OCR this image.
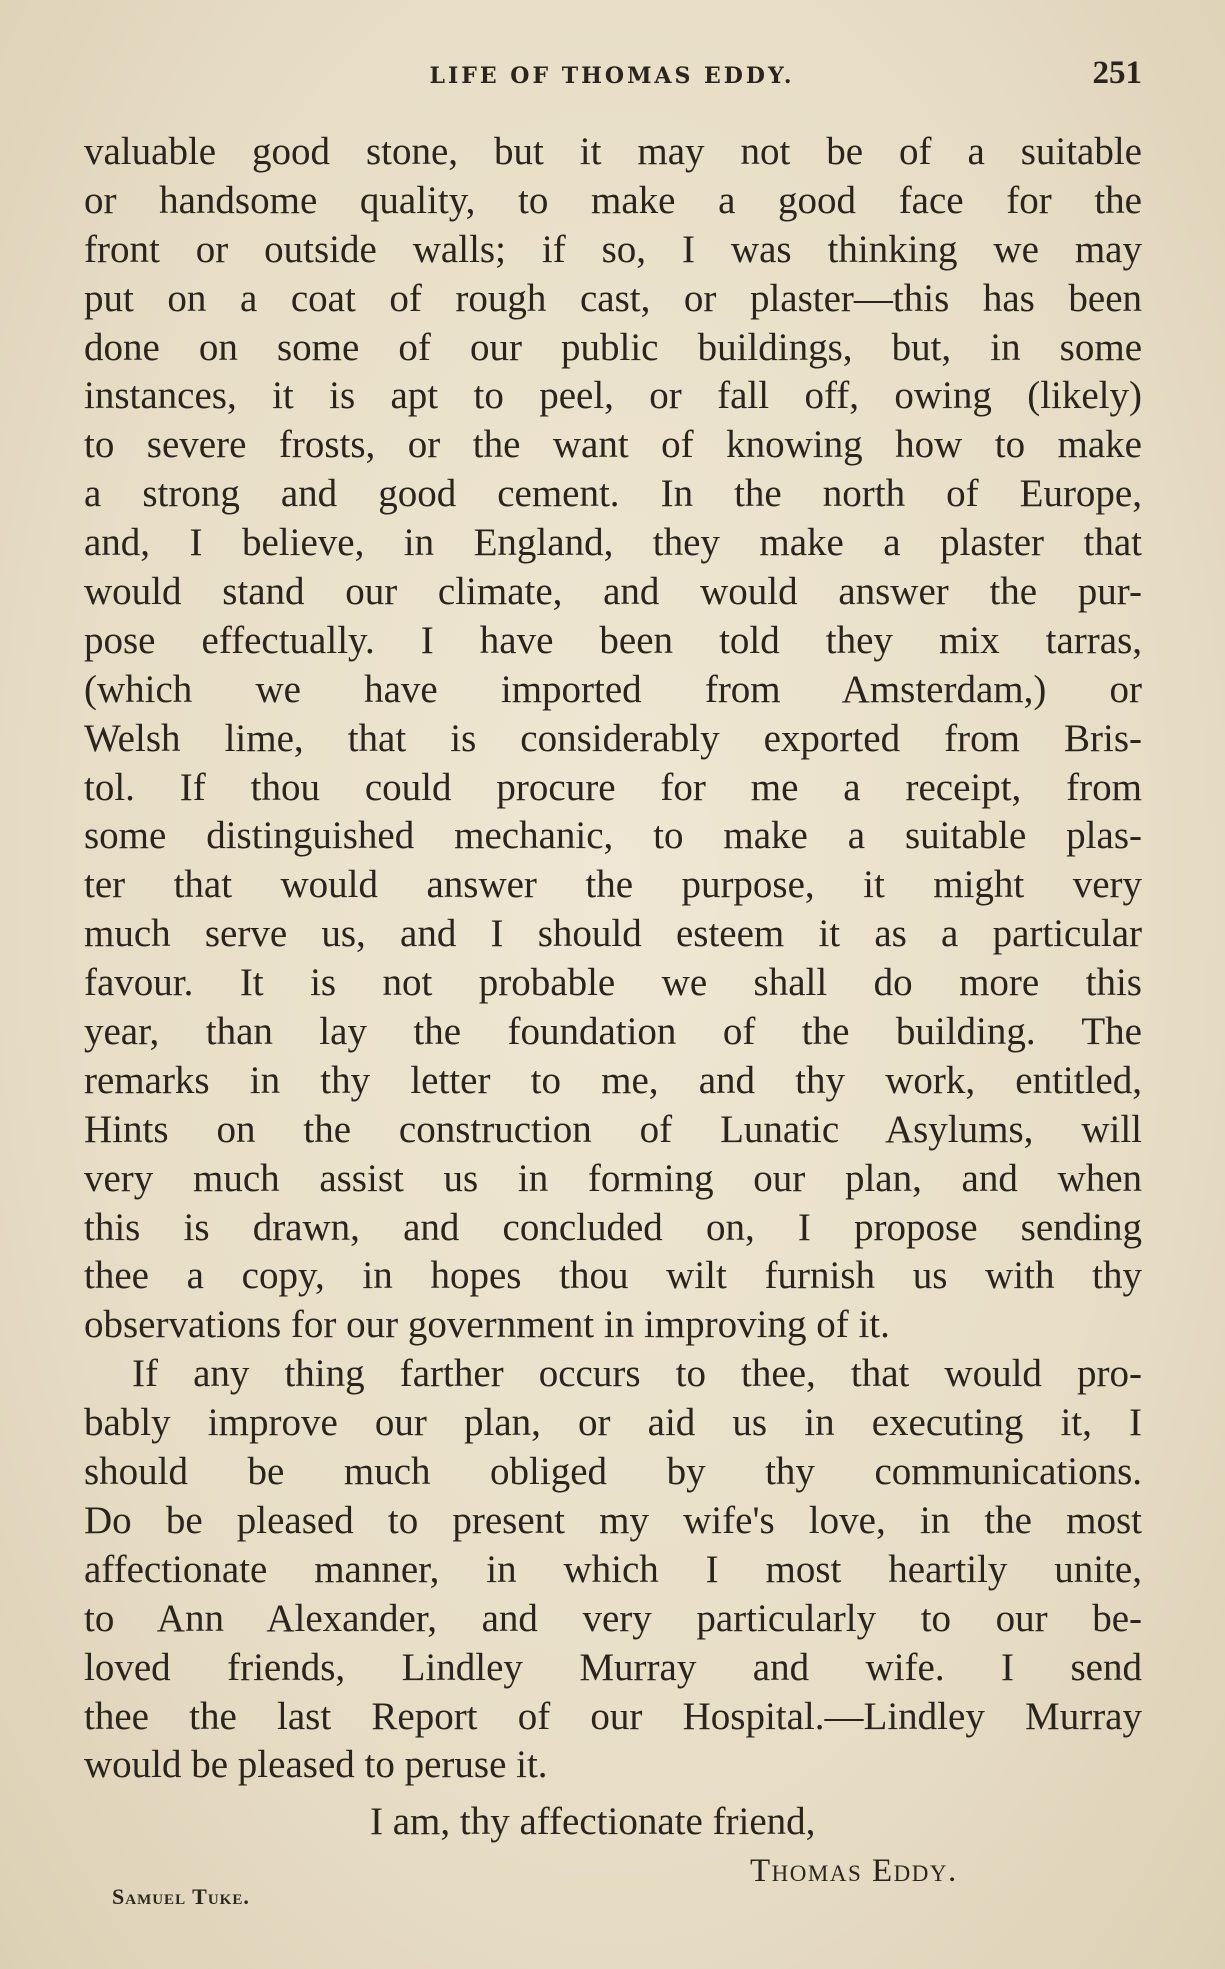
LIFE OF THOMAS EDDY.	251

valuable good stone, but it may not be of a suitable
or handsome quality, to make a good face for the
front or outside walls; if so, I was thinking we may
put on a coat of rough cast, or plaster—this has been
done on some of our public buildings, but, in some
instances, it is apt to peel, or fall off, owing (likely)
to severe frosts, or the want of knowing how to make
a strong and good cement. In the north of Europe,
and, I believe, in England, they make a plaster that
would stand our climate, and would answer the pur-
pose effectually. I have been told they mix tarras,
(which we have imported from Amsterdam,) or
Welsh lime, that is considerably exported from Bris-
tol. If thou could procure for me a receipt, from
some distinguished mechanic, to make a suitable plas-
ter that would answer the purpose, it might very
much serve us, and I should esteem it as a particular
favour. It is not probable we shall do more this
year, than lay the foundation of the building. The
remarks in thy letter to me, and thy work, entitled,
Hints on the construction of Lunatic Asylums, will
very much assist us in forming our plan, and when
this is drawn, and concluded on, I propose sending
thee a copy, in hopes thou wilt furnish us with thy
observations for our government in improving of it.

If any thing farther occurs to thee, that would pro-
bably improve our plan, or aid us in executing it, I
should be much obliged by thy communications.
Do be pleased to present my wife's love, in the most
affectionate manner, in which I most heartily unite,
to Ann Alexander, and very particularly to our be-
loved friends, Lindley Murray and wife. I send
thee the last Report of our Hospital.—Lindley Murray
would be pleased to peruse it.

I am, thy affectionate friend,
Thomas Eddy.
Samuel Tuke.
